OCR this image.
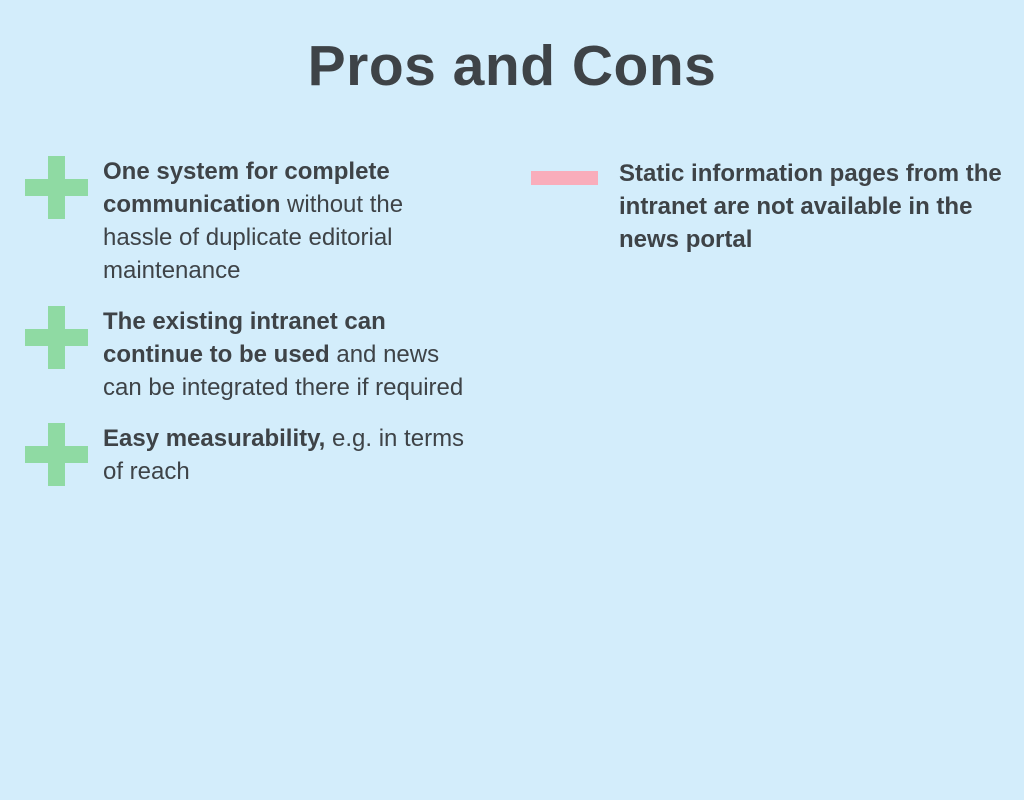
Pros and Cons

One system for complete communication without the hassle of duplicate editorial maintenance

The existing intranet can continue to be used and news can be integrated there if required

Easy measurability, e.g. in terms of reach

Static information pages from the intranet are not available in the news portal
